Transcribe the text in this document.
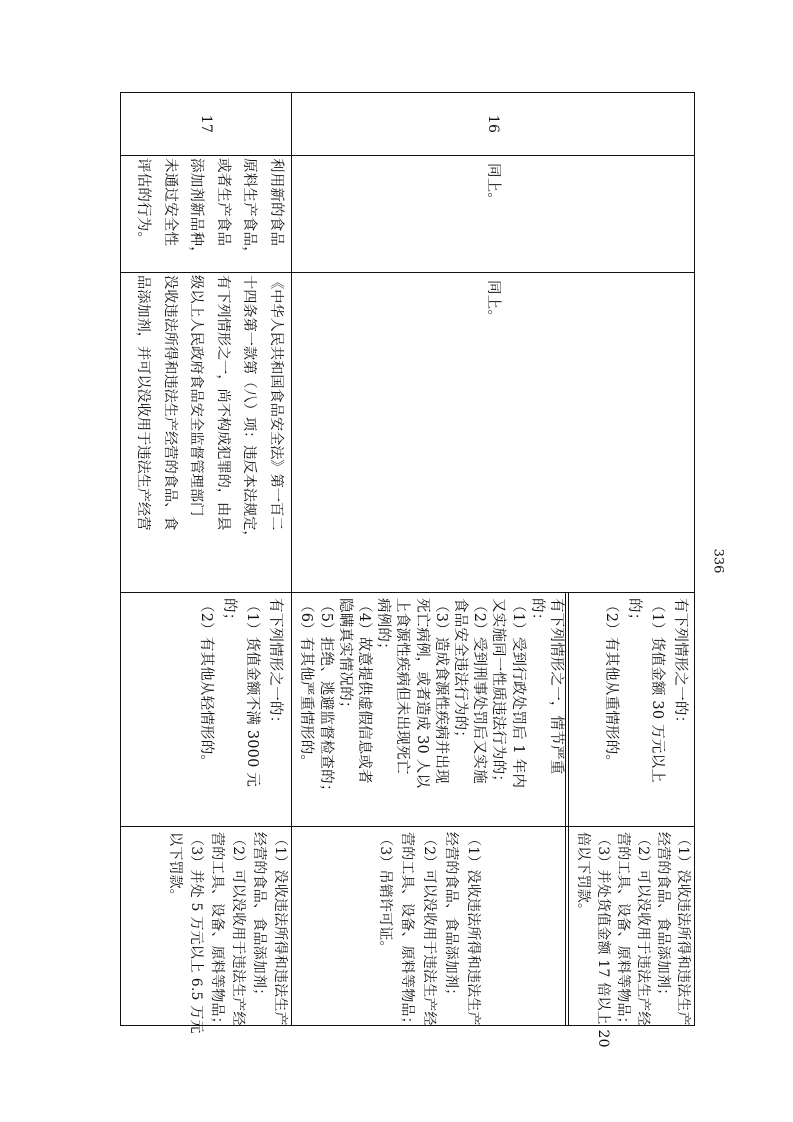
336
有下列情形之一的：
（1）货值金额 30 万元以上
的；
（2）有其他从重情形的。
（1）没收违法所得和违法生产
经营的食品、食品添加剂；
（2）可以没收用于违法生产经
营的工具、设备、原料等物品；
（3）并处货值金额 17 倍以上 20
倍以下罚款。
有下列情形之一，情节严重
的：
（1）受到行政处罚后 1 年内
又实施同一性质违法行为的；
（2）受到刑事处罚后又实施
食品安全违法行为的；
（3）造成食源性疾病并出现
死亡病例，或者造成 30 人以
上食源性疾病但未出现死亡
病例的；
（4）故意提供虚假信息或者
隐瞒真实情况的；
（5）拒绝、逃避监督检查的；
（6）有其他严重情形的。
（1）没收违法所得和违法生产
经营的食品、食品添加剂；
（2）可以没收用于违法生产经
营的工具、设备、原料等物品；
（3）吊销许可证。
16
同上。
同上。
17
利用新的食品
原料生产食品，
或者生产食品
添加剂新品种，
未通过安全性
评估的行为。
《中华人民共和国食品安全法》第一百二
十四条第一款第（八）项：违反本法规定，
有下列情形之一，尚不构成犯罪的，由县
级以上人民政府食品安全监督管理部门
没收违法所得和违法生产经营的食品、食
品添加剂，并可以没收用于违法生产经营
有下列情形之一的：
（1）货值金额不满 3000 元
的；
（2）有其他从轻情形的。
（1）没收违法所得和违法生产
经营的食品、食品添加剂；
（2）可以没收用于违法生产经
营的工具、设备、原料等物品；
（3）并处 5 万元以上 6.5 万元
以下罚款。
